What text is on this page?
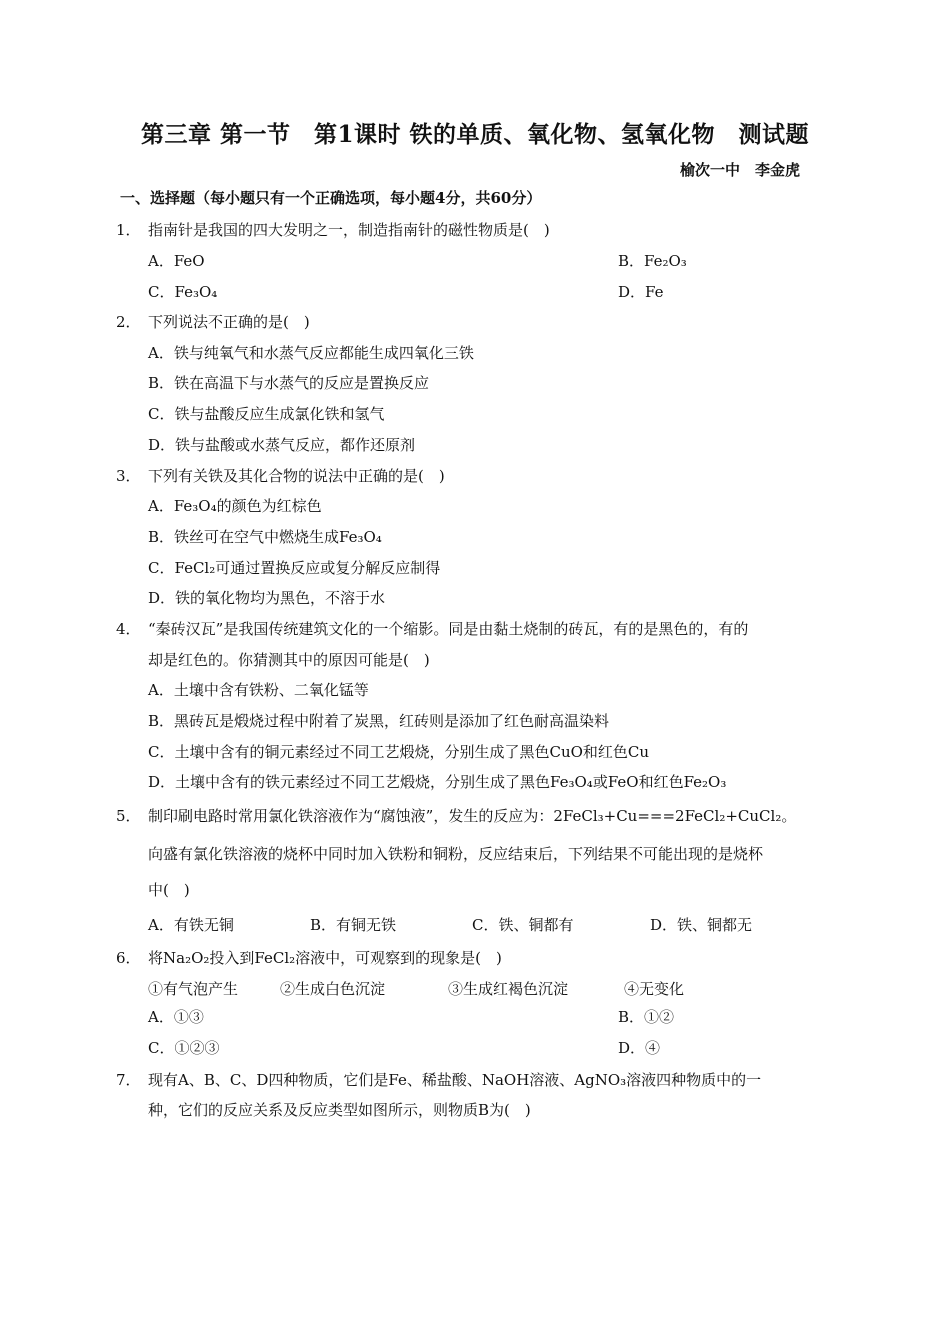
第三章 第一节　第1课时 铁的单质、氧化物、氢氧化物　测试题
榆次一中　李金虎
一、选择题（每小题只有一个正确选项，每小题4分，共60分）
1． 指南针是我国的四大发明之一，制造指南针的磁性物质是(　)
A．FeO	B．Fe₂O₃
C．Fe₃O₄	D．Fe
2． 下列说法不正确的是(　)
A．铁与纯氧气和水蒸气反应都能生成四氧化三铁
B．铁在高温下与水蒸气的反应是置换反应
C．铁与盐酸反应生成氯化铁和氢气
D．铁与盐酸或水蒸气反应，都作还原剂
3． 下列有关铁及其化合物的说法中正确的是(　)
A．Fe₃O₄的颜色为红棕色
B．铁丝可在空气中燃烧生成Fe₃O₄
C．FeCl₂可通过置换反应或复分解反应制得
D．铁的氧化物均为黑色，不溶于水
4． “秦砖汉瓦”是我国传统建筑文化的一个缩影。同是由黏土烧制的砖瓦，有的是黑色的，有的
却是红色的。你猜测其中的原因可能是(　)
A．土壤中含有铁粉、二氧化锰等
B．黑砖瓦是煅烧过程中附着了炭黑，红砖则是添加了红色耐高温染料
C．土壤中含有的铜元素经过不同工艺煅烧，分别生成了黑色CuO和红色Cu
D．土壤中含有的铁元素经过不同工艺煅烧，分别生成了黑色Fe₃O₄或FeO和红色Fe₂O₃
5． 制印刷电路时常用氯化铁溶液作为“腐蚀液”，发生的反应为：2FeCl₃+Cu===2FeCl₂+CuCl₂。
向盛有氯化铁溶液的烧杯中同时加入铁粉和铜粉，反应结束后，下列结果不可能出现的是烧杯
中(　)
A．有铁无铜	B．有铜无铁	C．铁、铜都有	D．铁、铜都无
6． 将Na₂O₂投入到FeCl₂溶液中，可观察到的现象是(　)
①有气泡产生	②生成白色沉淀	③生成红褐色沉淀	④无变化
A．①③	B．①②
C．①②③	D．④
7． 现有A、B、C、D四种物质，它们是Fe、稀盐酸、NaOH溶液、AgNO₃溶液四种物质中的一
种，它们的反应关系及反应类型如图所示，则物质B为(　)
